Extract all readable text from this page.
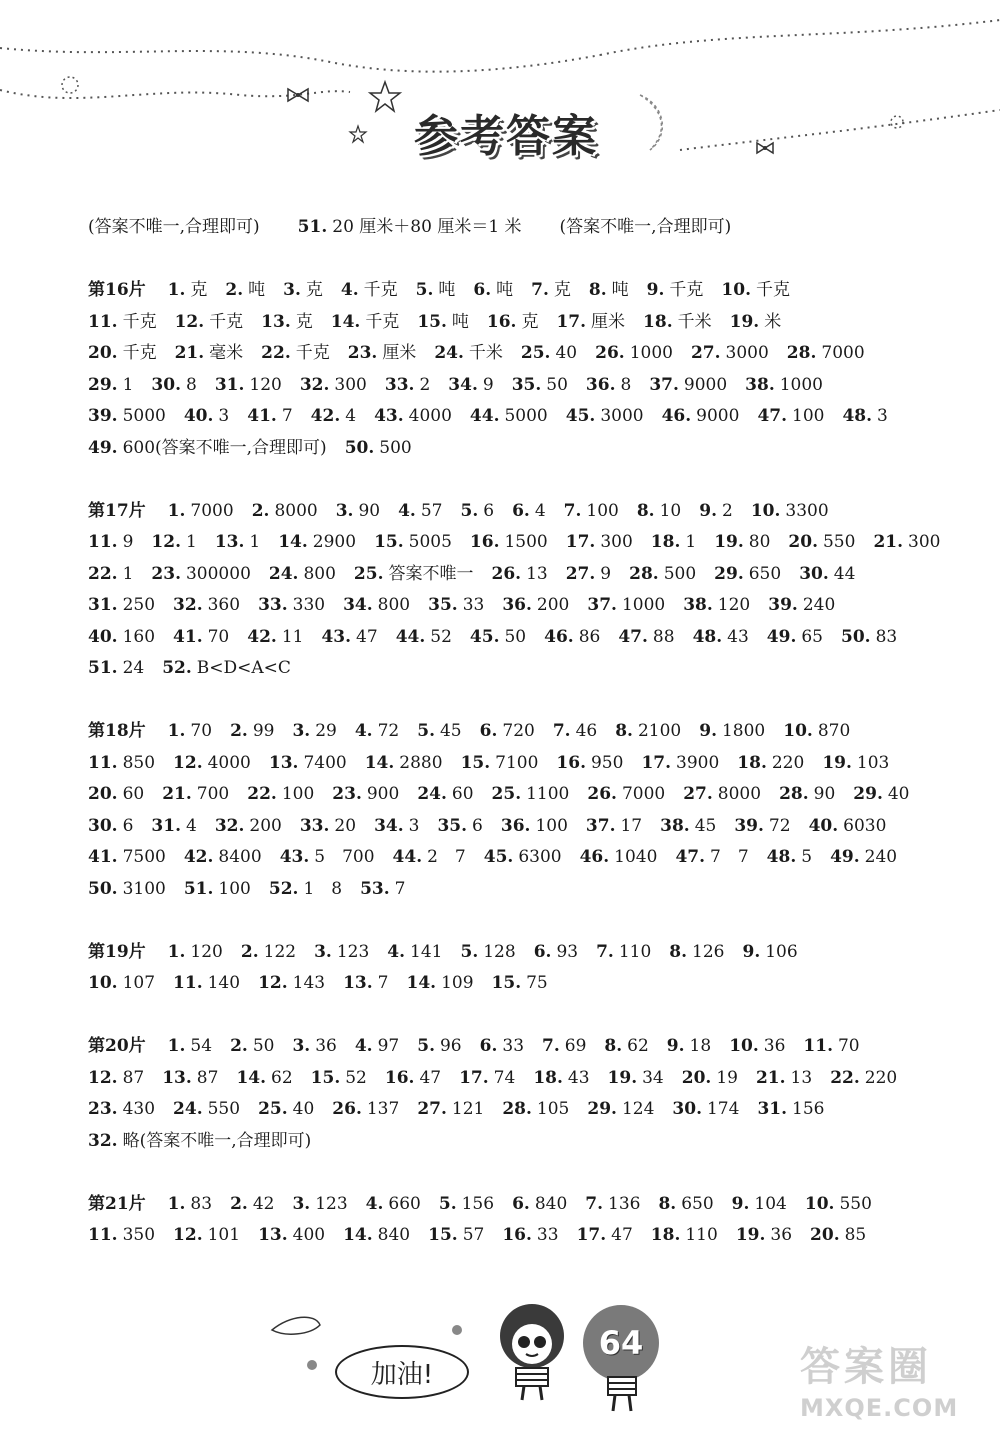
参考答案
(答案不唯一,合理即可) 51. 20 厘米＋80 厘米＝1 米 (答案不唯一,合理即可)
第16片 1. 克 2. 吨 3. 克 4. 千克 5. 吨 6. 吨 7. 克 8. 吨 9. 千克 10. 千克
11. 千克 12. 千克 13. 克 14. 千克 15. 吨 16. 克 17. 厘米 18. 千米 19. 米
20. 千克 21. 毫米 22. 千克 23. 厘米 24. 千米 25. 40 26. 1000 27. 3000 28. 7000
29. 1 30. 8 31. 120 32. 300 33. 2 34. 9 35. 50 36. 8 37. 9000 38. 1000
39. 5000 40. 3 41. 7 42. 4 43. 4000 44. 5000 45. 3000 46. 9000 47. 100 48. 3
49. 600(答案不唯一,合理即可) 50. 500
第17片 1. 7000 2. 8000 3. 90 4. 57 5. 6 6. 4 7. 100 8. 10 9. 2 10. 3300
11. 9 12. 1 13. 1 14. 2900 15. 5005 16. 1500 17. 300 18. 1 19. 80 20. 550 21. 300
22. 1 23. 300000 24. 800 25. 答案不唯一 26. 13 27. 9 28. 500 29. 650 30. 44
31. 250 32. 360 33. 330 34. 800 35. 33 36. 200 37. 1000 38. 120 39. 240
40. 160 41. 70 42. 11 43. 47 44. 52 45. 50 46. 86 47. 88 48. 43 49. 65 50. 83
51. 24 52. B<D<A<C
第18片 1. 70 2. 99 3. 29 4. 72 5. 45 6. 720 7. 46 8. 2100 9. 1800 10. 870
11. 850 12. 4000 13. 7400 14. 2880 15. 7100 16. 950 17. 3900 18. 220 19. 103
20. 60 21. 700 22. 100 23. 900 24. 60 25. 1100 26. 7000 27. 8000 28. 90 29. 40
30. 6 31. 4 32. 200 33. 20 34. 3 35. 6 36. 100 37. 17 38. 45 39. 72 40. 6030
41. 7500 42. 8400 43. 5　700 44. 2　7 45. 6300 46. 1040 47. 7　7 48. 5 49. 240
50. 3100 51. 100 52. 1　8 53. 7
第19片 1. 120 2. 122 3. 123 4. 141 5. 128 6. 93 7. 110 8. 126 9. 106
10. 107 11. 140 12. 143 13. 7 14. 109 15. 75
第20片 1. 54 2. 50 3. 36 4. 97 5. 96 6. 33 7. 69 8. 62 9. 18 10. 36 11. 70
12. 87 13. 87 14. 62 15. 52 16. 47 17. 74 18. 43 19. 34 20. 19 21. 13 22. 220
23. 430 24. 550 25. 40 26. 137 27. 121 28. 105 29. 124 30. 174 31. 156
32. 略(答案不唯一,合理即可)
第21片 1. 83 2. 42 3. 123 4. 660 5. 156 6. 840 7. 136 8. 650 9. 104 10. 550
11. 350 12. 101 13. 400 14. 840 15. 57 16. 33 17. 47 18. 110 19. 36 20. 85
加油!
64
答案圈
MXQE.COM
